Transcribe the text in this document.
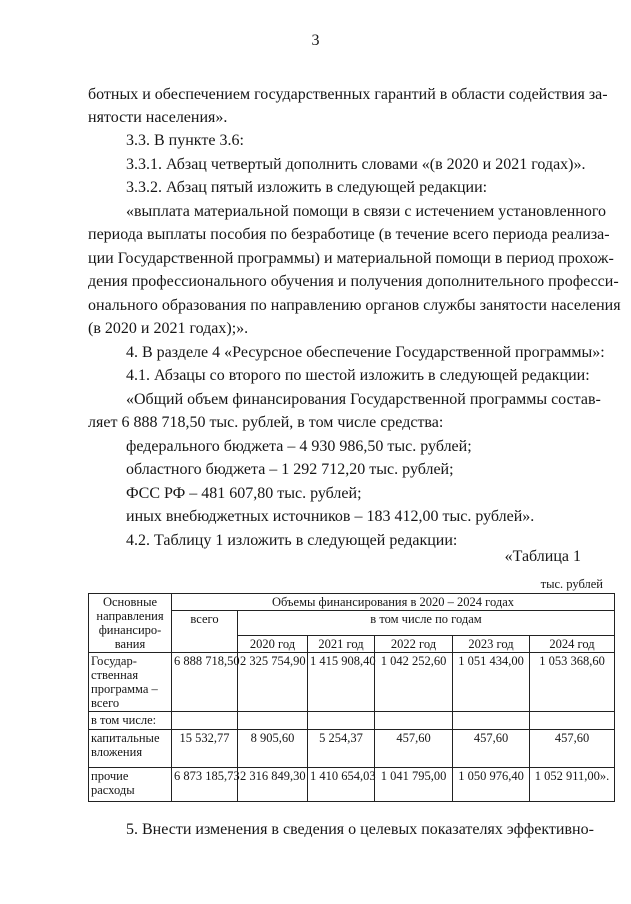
3
ботных и обеспечением государственных гарантий в области содействия за-
нятости населения».
3.3. В пункте 3.6:
3.3.1. Абзац четвертый дополнить словами «(в 2020 и 2021 годах)».
3.3.2. Абзац пятый изложить в следующей редакции:
«выплата материальной помощи в связи с истечением установленного
периода выплаты пособия по безработице (в течение всего периода реализа-
ции Государственной программы) и материальной помощи в период прохож-
дения профессионального обучения и получения дополнительного професси-
онального образования по направлению органов службы занятости населения
(в 2020 и 2021 годах);».
4. В разделе 4 «Ресурсное обеспечение Государственной программы»:
4.1. Абзацы со второго по шестой изложить в следующей редакции:
«Общий объем финансирования Государственной программы состав-
ляет 6 888 718,50 тыс. рублей, в том числе средства:
федерального бюджета – 4 930 986,50 тыс. рублей;
областного бюджета – 1 292 712,20 тыс. рублей;
ФСС РФ – 481 607,80 тыс. рублей;
иных внебюджетных источников – 183 412,00 тыс. рублей».
4.2. Таблицу 1 изложить в следующей редакции:
«Таблица 1
тыс. рублей
Основные направления финансиро-вания	Объемы финансирования в 2020 – 2024 годах					
	всего	в том числе по годам				
		2020 год	2021 год	2022 год	2023 год	2024 год
Государ-ственная программа – всего	6 888 718,50	2 325 754,90	1 415 908,40	1 042 252,60	1 051 434,00	1 053 368,60
в том числе:						
капитальные вложения	15 532,77	8 905,60	5 254,37	457,60	457,60	457,60
прочие расходы	6 873 185,73	2 316 849,30	1 410 654,03	1 041 795,00	1 050 976,40	1 052 911,00».
5. Внести изменения в сведения о целевых показателях эффективно-
